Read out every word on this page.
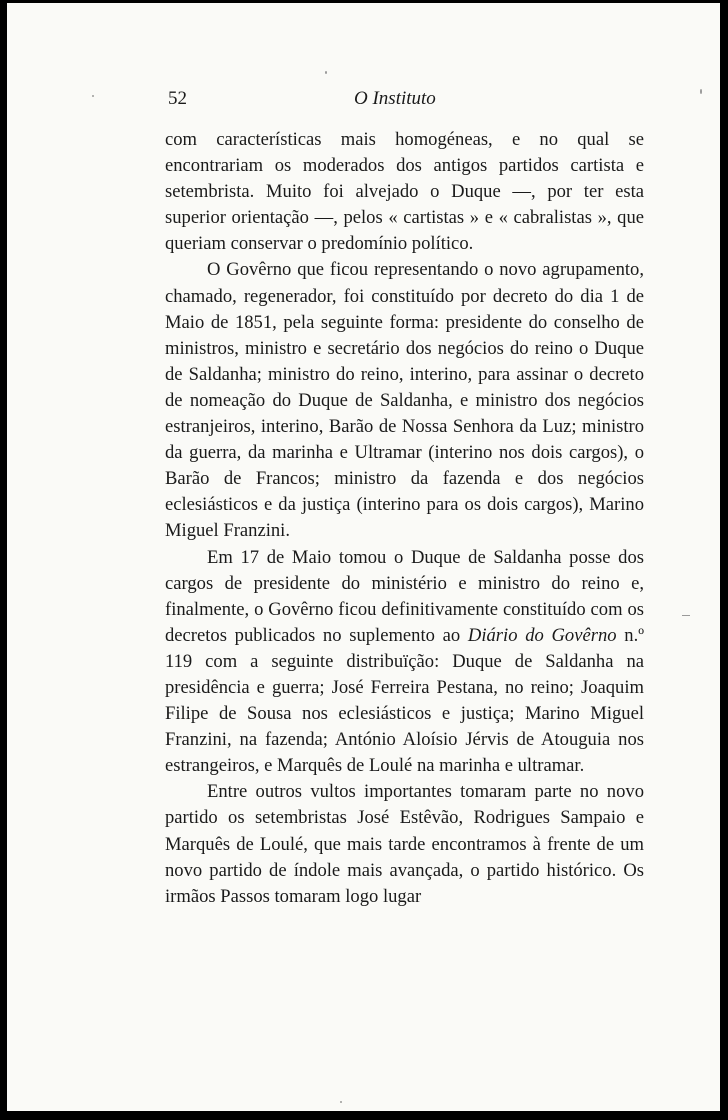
52	O Instituto

com características mais homogéneas, e no qual se encontrariam os moderados dos antigos partidos cartista e setembrista. Muito foi alvejado o Duque —, por ter esta superior orientação —, pelos « cartistas » e « cabralistas », que queriam conservar o predomínio político.

O Govêrno que ficou representando o novo agrupamento, chamado, regenerador, foi constituído por decreto do dia 1 de Maio de 1851, pela seguinte forma: presidente do conselho de ministros, ministro e secretário dos negócios do reino o Duque de Saldanha; ministro do reino, interino, para assinar o decreto de nomeação do Duque de Saldanha, e ministro dos negócios estranjeiros, interino, Barão de Nossa Senhora da Luz; ministro da guerra, da marinha e Ultramar (interino nos dois cargos), o Barão de Francos; ministro da fazenda e dos negócios eclesiásticos e da justiça (interino para os dois cargos), Marino Miguel Franzini.

Em 17 de Maio tomou o Duque de Saldanha posse dos cargos de presidente do ministério e ministro do reino e, finalmente, o Govêrno ficou definitivamente constituído com os decretos publicados no suplemento ao Diário do Govêrno n.º 119 com a seguinte distribuïção: Duque de Saldanha na presidência e guerra; José Ferreira Pestana, no reino; Joaquim Filipe de Sousa nos eclesiásticos e justiça; Marino Miguel Franzini, na fazenda; António Aloísio Jérvis de Atouguia nos estrangeiros, e Marquês de Loulé na marinha e ultramar.

Entre outros vultos importantes tomaram parte no novo partido os setembristas José Estêvão, Rodrigues Sampaio e Marquês de Loulé, que mais tarde encontramos à frente de um novo partido de índole mais avançada, o partido histórico. Os irmãos Passos tomaram logo lugar
